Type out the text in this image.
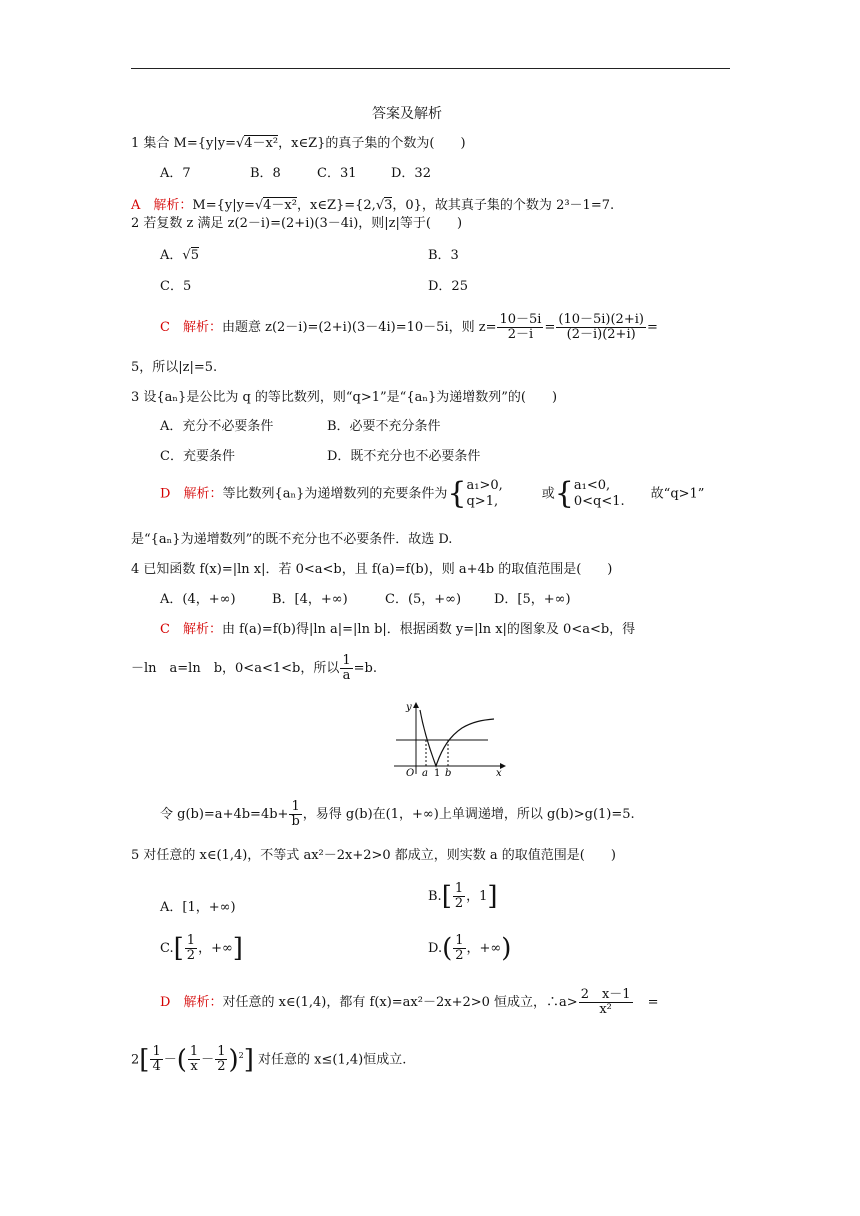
答案及解析
1 集合 M={y|y=√4－x²，x∈Z}的真子集的个数为(　　)
A．7	B．8	C．31	D．32
A　 解析：M={y|y=√4－x²，x∈Z}={2,√3，0}，故其真子集的个数为 2³－1=7.
2 若复数 z 满足 z(2－i)=(2+i)(3－4i)，则|z|等于(　　)
A．√5	B．3
C．5	D．25
C　 解析：由题意 z(2－i)=(2+i)(3－4i)=10－5i，则 $z= \frac{10-5i}{2-i} = \frac{(10-5i)(2+i)}{(2-i)(2+i)}$ =
5，所以|z|=5.
3 设{aₙ}是公比为 q 的等比数列，则“q>1”是“{aₙ}为递增数列”的(　　)
A．充分不必要条件	B．必要不充分条件
C．充要条件	D．既不充分也不必要条件
D　 解析：等比数列{aₙ}为递增数列的充要条件为{ a₁>0,
q>1,
　　　	或{ a₁<0,
0<q<1.
　　 故“q>1”
是“{aₙ}为递增数列”的既不充分也不必要条件．故选 D.
4 已知函数 f(x)=|ln x|．若 0<a<b，且 f(a)=f(b)，则 a+4b 的取值范围是(　　)
A．(4，+∞)	B．[4，+∞)	C．(5，+∞)	D．[5，+∞)
C　 解析：由 f(a)=f(b)得|ln a|=|ln b|．根据函数 y=|ln x|的图象及 0<a<b，得
－ln　a=ln　b，0<a<1<b，所以 $\frac{1}{a} =b$.
y
x
O a 1 b
令 $g(b)=a+4b=4b+ \frac{1}{b}$ ，易得 g(b)在(1，+∞)上单调递增，所以 g(b)>g(1)=5.
5 对任意的 x∈(1,4)，不等式 ax²－2x+2>0 都成立，则实数 a 的取值范围是(　　)
A．[1，+∞)
$B.[ \frac{1}{2}$ ，1]
$C.[ \frac{1}{2}$ ，+∞]	$D.( \frac{1}{2}$ ，+∞)
D　 解析：对任意的 x∈(1,4)，都有 f(x)=ax²－2x+2>0 恒成立，∴a> $\frac{2 x-1}{\text{x²}}$ =
$2[ \frac{1}{4}$ －( $\frac{1}{x} - \frac{1}{2} )^2$] 对任意的 x≤(1,4)恒成立.
